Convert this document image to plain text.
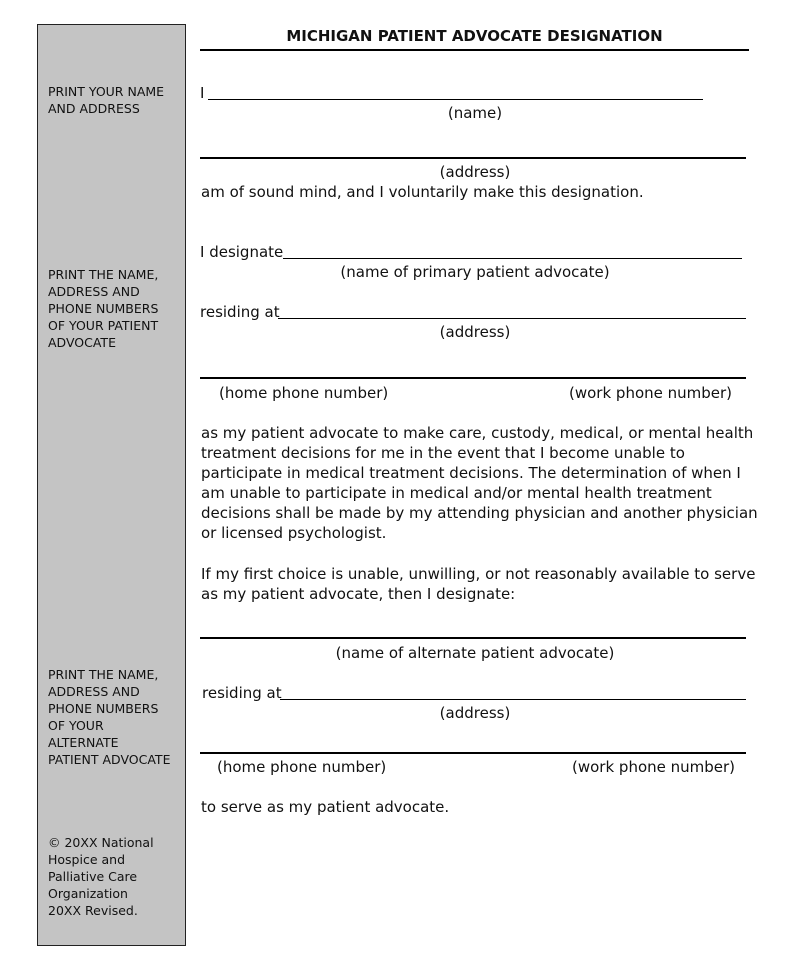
PRINT YOUR NAME
AND ADDRESS

PRINT THE NAME,
ADDRESS AND
PHONE NUMBERS
OF YOUR PATIENT
ADVOCATE

PRINT THE NAME,
ADDRESS AND
PHONE NUMBERS
OF YOUR
ALTERNATE
PATIENT ADVOCATE

© 20XX National
Hospice and
Palliative Care
Organization
20XX Revised.

MICHIGAN PATIENT ADVOCATE DESIGNATION

I

(name)

(address)

am of sound mind, and I voluntarily make this designation.

I designate

(name of primary patient advocate)

residing at

(address)

(home phone number)	(work phone number)

as my patient advocate to make care, custody, medical, or mental health
treatment decisions for me in the event that I become unable to
participate in medical treatment decisions. The determination of when I
am unable to participate in medical and/or mental health treatment
decisions shall be made by my attending physician and another physician
or licensed psychologist.

If my first choice is unable, unwilling, or not reasonably available to serve
as my patient advocate, then I designate:

(name of alternate patient advocate)

residing at

(address)

(home phone number)	(work phone number)

to serve as my patient advocate.
